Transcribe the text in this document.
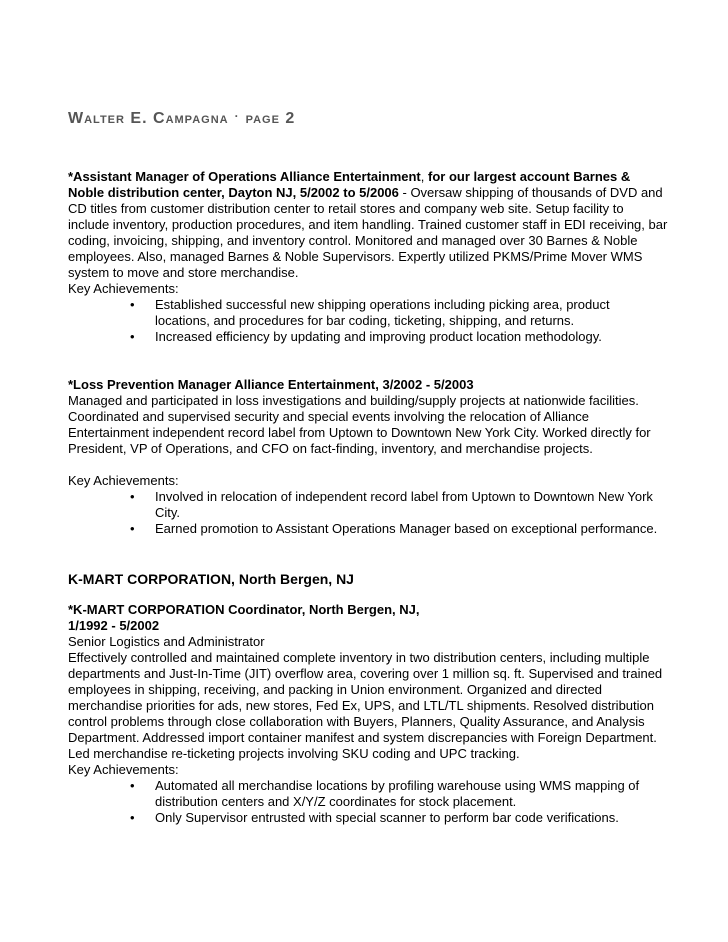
WALTER E. CAMPAGNA · PAGE 2

*Assistant Manager of Operations Alliance Entertainment, for our largest account Barnes & Noble distribution center, Dayton NJ, 5/2002 to 5/2006 - Oversaw shipping of thousands of DVD and CD titles from customer distribution center to retail stores and company web site. Setup facility to include inventory, production procedures, and item handling. Trained customer staff in EDI receiving, bar coding, invoicing, shipping, and inventory control. Monitored and managed over 30 Barnes & Noble employees. Also, managed Barnes & Noble Supervisors. Expertly utilized PKMS/Prime Mover WMS system to move and store merchandise.

Key Achievements:

• Established successful new shipping operations including picking area, product locations, and procedures for bar coding, ticketing, shipping, and returns.
• Increased efficiency by updating and improving product location methodology.

*Loss Prevention Manager Alliance Entertainment, 3/2002 - 5/2003

Managed and participated in loss investigations and building/supply projects at nationwide facilities. Coordinated and supervised security and special events involving the relocation of Alliance Entertainment independent record label from Uptown to Downtown New York City. Worked directly for President, VP of Operations, and CFO on fact-finding, inventory, and merchandise projects.

Key Achievements:

• Involved in relocation of independent record label from Uptown to Downtown New York City.
• Earned promotion to Assistant Operations Manager based on exceptional performance.

K-MART CORPORATION, North Bergen, NJ

*K-MART CORPORATION Coordinator, North Bergen, NJ,

1/1992 - 5/2002

Senior Logistics and Administrator

Effectively controlled and maintained complete inventory in two distribution centers, including multiple departments and Just-In-Time (JIT) overflow area, covering over 1 million sq. ft. Supervised and trained employees in shipping, receiving, and packing in Union environment. Organized and directed merchandise priorities for ads, new stores, Fed Ex, UPS, and LTL/TL shipments. Resolved distribution control problems through close collaboration with Buyers, Planners, Quality Assurance, and Analysis Department. Addressed import container manifest and system discrepancies with Foreign Department. Led merchandise re-ticketing projects involving SKU coding and UPC tracking.

Key Achievements:

• Automated all merchandise locations by profiling warehouse using WMS mapping of distribution centers and X/Y/Z coordinates for stock placement.
• Only Supervisor entrusted with special scanner to perform bar code verifications.
